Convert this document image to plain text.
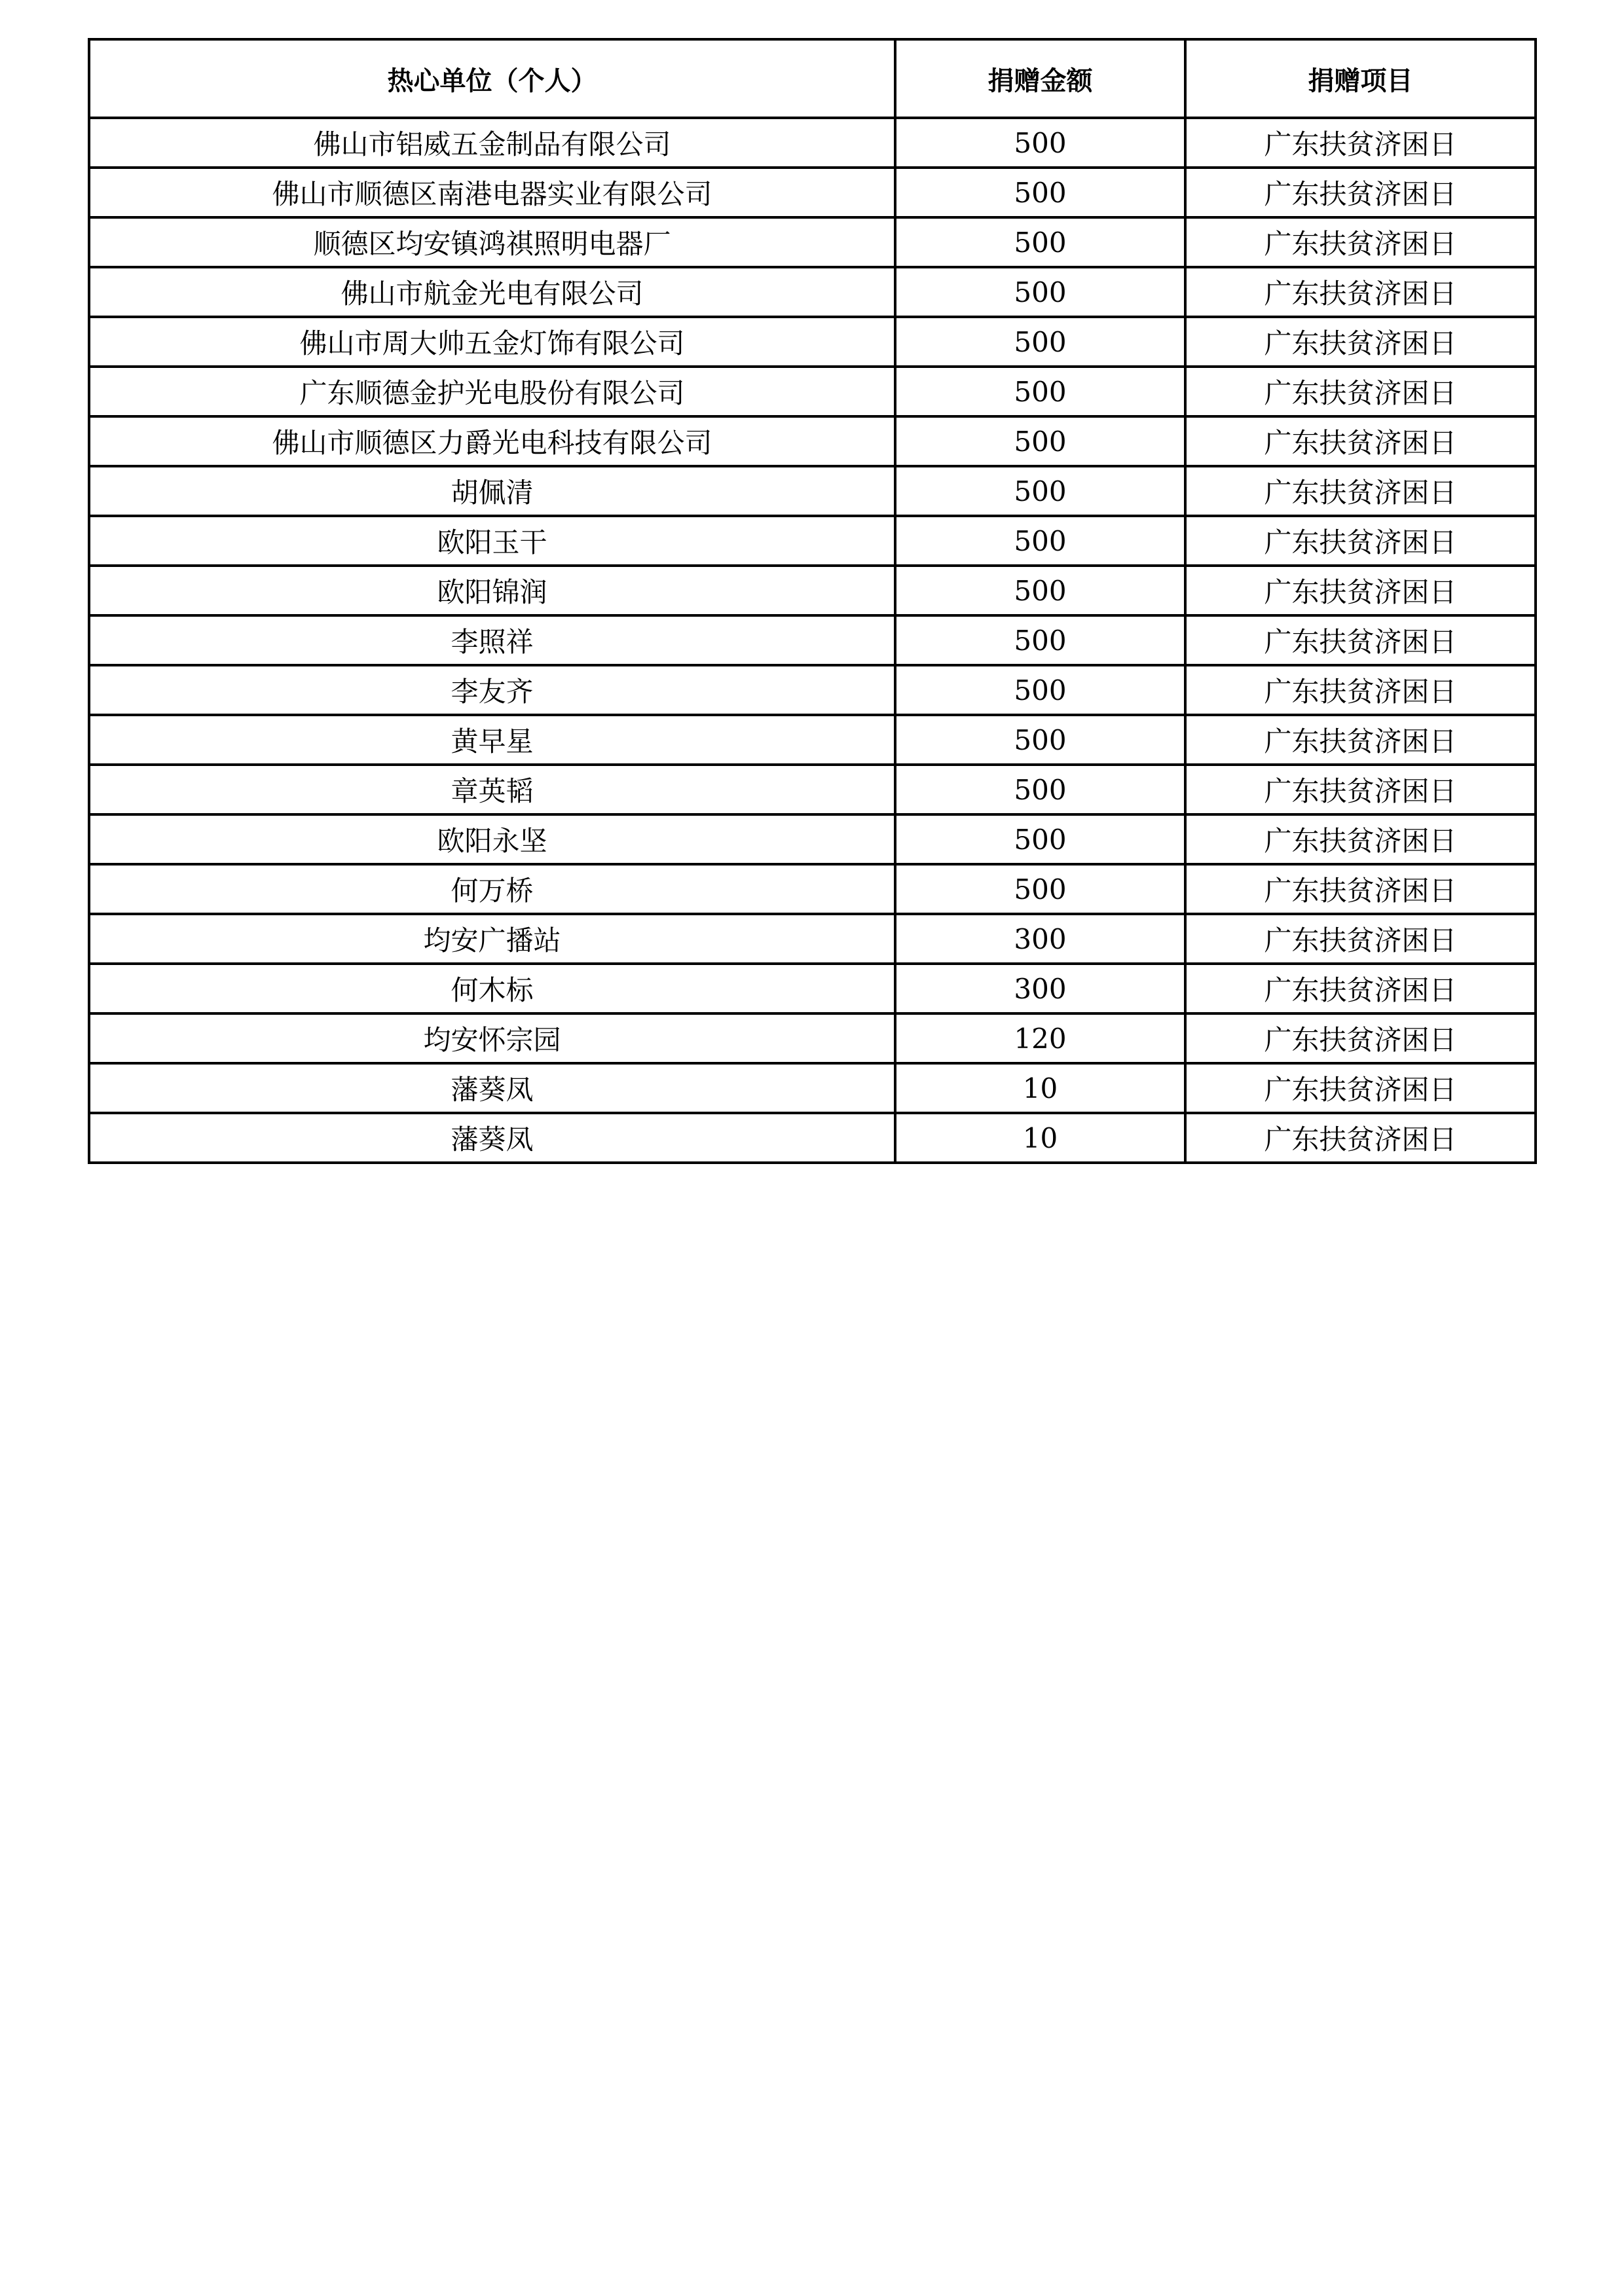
热心单位（个人）	捐赠金额	捐赠项目
佛山市铝威五金制品有限公司	500	广东扶贫济困日
佛山市顺德区南港电器实业有限公司	500	广东扶贫济困日
顺德区均安镇鸿祺照明电器厂	500	广东扶贫济困日
佛山市航金光电有限公司	500	广东扶贫济困日
佛山市周大帅五金灯饰有限公司	500	广东扶贫济困日
广东顺德金护光电股份有限公司	500	广东扶贫济困日
佛山市顺德区力爵光电科技有限公司	500	广东扶贫济困日
胡佩清	500	广东扶贫济困日
欧阳玉干	500	广东扶贫济困日
欧阳锦润	500	广东扶贫济困日
李照祥	500	广东扶贫济困日
李友齐	500	广东扶贫济困日
黄早星	500	广东扶贫济困日
章英韬	500	广东扶贫济困日
欧阳永坚	500	广东扶贫济困日
何万桥	500	广东扶贫济困日
均安广播站	300	广东扶贫济困日
何木标	300	广东扶贫济困日
均安怀宗园	120	广东扶贫济困日
藩葵凤	10	广东扶贫济困日
藩葵凤	10	广东扶贫济困日
